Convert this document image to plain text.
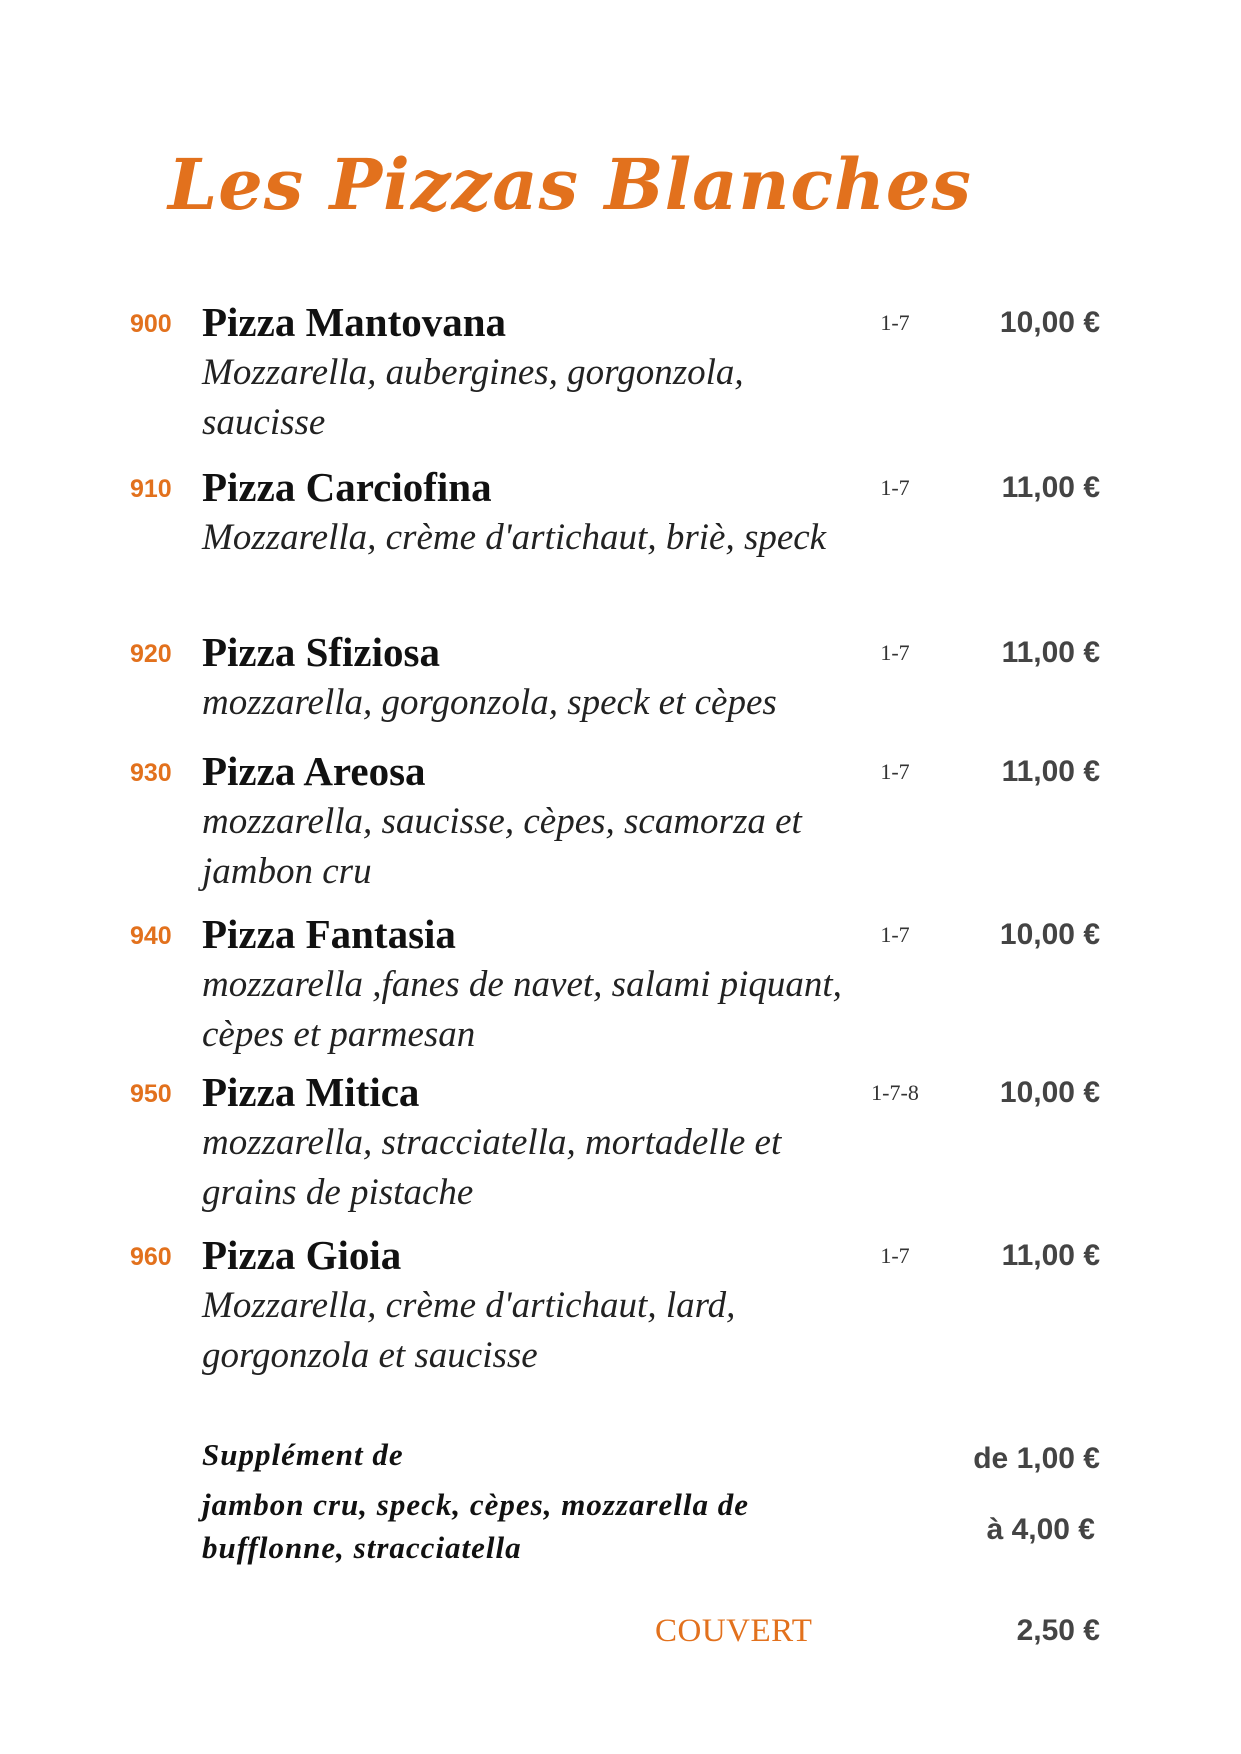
Les Pizzas Blanches
900 Pizza Mantovana	1-7	10,00 €

Mozzarella, aubergines, gorgonzola, saucisse

910 Pizza Carciofina	1-7	11,00 €

Mozzarella, crème d'artichaut, briè, speck

920 Pizza Sfiziosa	1-7	11,00 €

mozzarella, gorgonzola, speck et cèpes

930 Pizza Areosa	1-7	11,00 €

mozzarella, saucisse, cèpes, scamorza et jambon cru

940 Pizza Fantasia	1-7	10,00 €

mozzarella ,fanes de navet, salami piquant, cèpes et parmesan

950 Pizza Mitica	1-7-8	10,00 €

mozzarella, stracciatella, mortadelle et grains de pistache

960 Pizza Gioia	1-7	11,00 €

Mozzarella, crème d'artichaut, lard, gorgonzola et saucisse

Supplément de

jambon cru, speck, cèpes, mozzarella de bufflonne, stracciatella

de 1,00 €
à 4,00 €
COUVERT	2,50 €
